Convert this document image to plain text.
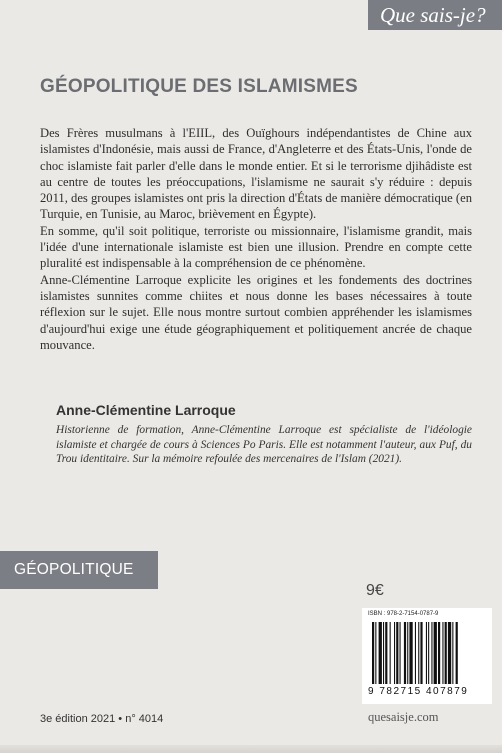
Que sais-je?
GÉOPOLITIQUE DES ISLAMISMES

Des Frères musulmans à l'EIIL, des Ouïghours indépendantistes de Chine aux islamistes d'Indonésie, mais aussi de France, d'Angleterre et des États-Unis, l'onde de choc islamiste fait parler d'elle dans le monde entier. Et si le terrorisme djihâdiste est au centre de toutes les préoccupations, l'islamisme ne saurait s'y réduire : depuis 2011, des groupes islamistes ont pris la direction d'États de manière démocratique (en Turquie, en Tunisie, au Maroc, brièvement en Égypte).

En somme, qu'il soit politique, terroriste ou missionnaire, l'islamisme grandit, mais l'idée d'une internationale islamiste est bien une illusion. Prendre en compte cette pluralité est indispensable à la compréhension de ce phénomène.

Anne-Clémentine Larroque explicite les origines et les fondements des doctrines islamistes sunnites comme chiites et nous donne les bases nécessaires à toute réflexion sur le sujet. Elle nous montre surtout combien appréhender les islamismes d'aujourd'hui exige une étude géographiquement et politiquement ancrée de chaque mouvance.

Anne-Clémentine Larroque

Historienne de formation, Anne-Clémentine Larroque est spécialiste de l'idéologie islamiste et chargée de cours à Sciences Po Paris. Elle est notamment l'auteur, aux Puf, du Trou identitaire. Sur la mémoire refoulée des mercenaires de l'Islam (2021).

GÉOPOLITIQUE
9€
ISBN : 978-2-7154-0787-9
9 782715 407879
quesaisje.com
3e édition 2021 • n° 4014
